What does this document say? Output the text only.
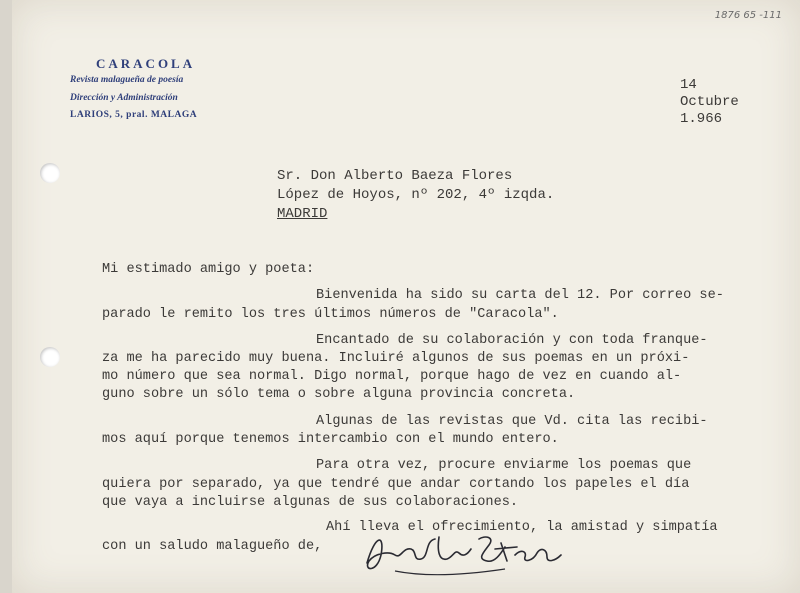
1876 65 -111
CARACOLA
Revista malagueña de poesía
Dirección y Administración
LARIOS, 5, pral. MALAGA
14
Octubre
1.966
Sr. Don Alberto Baeza Flores
López de Hoyos, nº 202, 4º izqda.
MADRID
Mi estimado amigo y poeta:
Bienvenida ha sido su carta del 12. Por correo se-
parado le remito los tres últimos números de "Caracola".
Encantado de su colaboración y con toda franque-
za me ha parecido muy buena. Incluiré algunos de sus poemas en un próxi-
mo número que sea normal. Digo normal, porque hago de vez en cuando al-
guno sobre un sólo tema o sobre alguna provincia concreta.
Algunas de las revistas que Vd. cita las recibi-
mos aquí porque tenemos intercambio con el mundo entero.
Para otra vez, procure enviarme los poemas que
quiera por separado, ya que tendré que andar cortando los papeles el día
que vaya a incluirse algunas de sus colaboraciones.
Ahí lleva el ofrecimiento, la amistad y simpatía
con un saludo malagueño de,
